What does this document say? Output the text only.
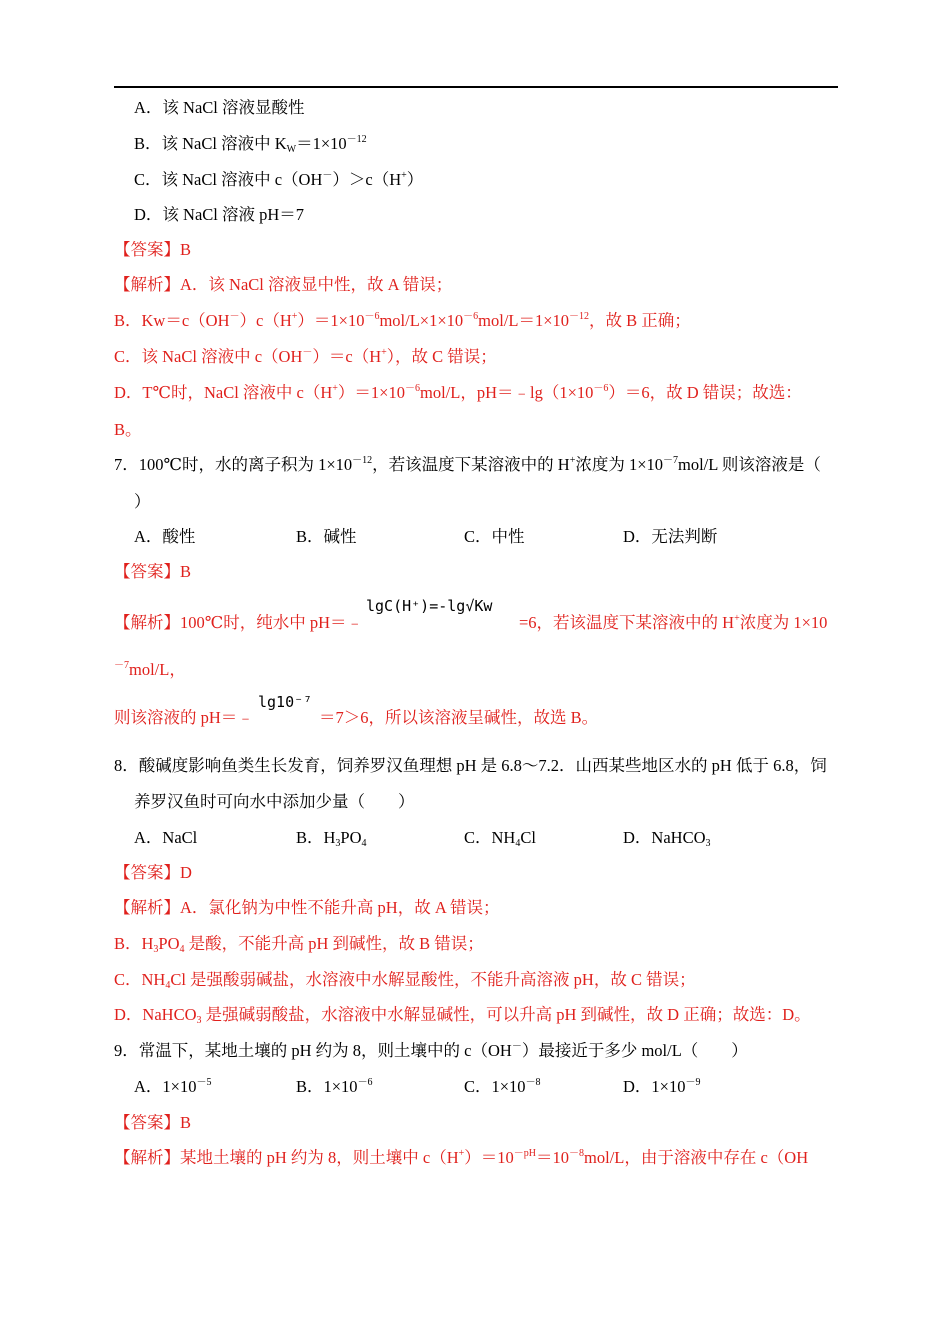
A．该 NaCl 溶液显酸性
B．该 NaCl 溶液中 $K_W=1\times 10^{-12}$
C．该 NaCl 溶液中 c（OH－）＞c（H+）
D．该 NaCl 溶液 pH＝7
【答案】B
【解析】A．该 NaCl 溶液显中性，故 A 错误；
B．$Kw=c(OH^-)c(H^+)=1\times 10^{-6}mol/L\times 1\times 10^{-6}mol/L=1\times 10^{-12}$，故 B 正确；
C．该 NaCl 溶液中 c（OH－）＝c（H+），故 C 错误；
D．T℃时，NaCl 溶液中 $c(H^+)=1\times 10^{-6}mol/L$，$pH=﹣\lg(1\times 10^{-6})=6$，故 D 错误；故选：
B。
7．100℃时，水的离子积为 $1\times 10^{-12}$，若该温度下某溶液中的 H+浓度为 $1\times 10^{-7}mol/L$ 则该溶液是（
）
A．酸性	B．碱性	C．中性	D．无法判断
【答案】B
【解析】100℃时，纯水中 pH＝﹣
lgC(H⁺)=-lg√Kw
=6，若该温度下某溶液中的 H+浓度为 1×10
$^{-7}$mol/L，
则该溶液的 pH＝﹣
lg10⁻⁷
＝7＞6，所以该溶液呈碱性，故选 B。
8．酸碱度影响鱼类生长发育，饲养罗汉鱼理想 pH 是 6.8～7.2．山西某些地区水的 pH 低于 6.8，饲
养罗汉鱼时可向水中添加少量（　　）
A．NaCl	B．$H_3PO_4$	C．$NH_4Cl$	D．NaHCO$_3$
【答案】D
【解析】A．氯化钠为中性不能升高 pH，故 A 错误；
B．$H_3PO_4$ 是酸，不能升高 pH 到碱性，故 B 错误；
C．$NH_4Cl$ 是强酸弱碱盐，水溶液中水解显酸性，不能升高溶液 pH，故 C 错误；
D．NaHCO$_3$ 是强碱弱酸盐，水溶液中水解显碱性，可以升高 pH 到碱性，故 D 正确；故选：D。
9．常温下，某地土壤的 pH 约为 8，则土壤中的 c（OH－）最接近于多少 mol/L（　　）
A．$1\times 10^{-5}$	B．$1\times 10^{-6}$	C．$1\times 10^{-8}$	D．$1\times 10^{-9}$
【答案】B
【解析】某地土壤的 pH 约为 8，则土壤中 $c(H^+)=10^{-pH}=10^{-8}mol/L$，由于溶液中存在 c（OH
